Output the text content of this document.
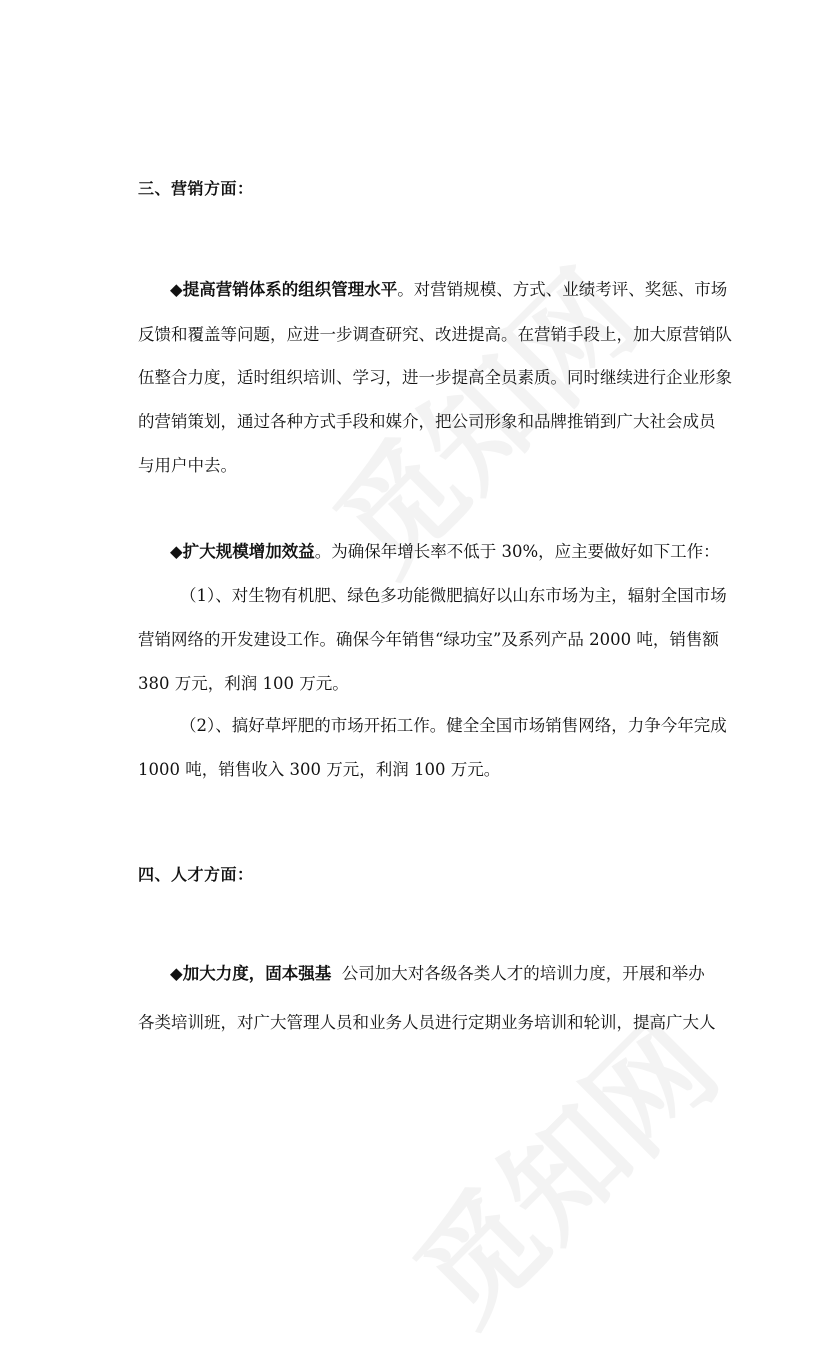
三、营销方面：
◆提高营销体系的组织管理水平。对营销规模、方式、业绩考评、奖惩、市场
反馈和覆盖等问题，应进一步调查研究、改进提高。在营销手段上，加大原营销队
伍整合力度，适时组织培训、学习，进一步提高全员素质。同时继续进行企业形象
的营销策划，通过各种方式手段和媒介，把公司形象和品牌推销到广大社会成员
与用户中去。
◆扩大规模增加效益。为确保年增长率不低于 30%，应主要做好如下工作：
（1）、对生物有机肥、绿色多功能微肥搞好以山东市场为主，辐射全国市场
营销网络的开发建设工作。确保今年销售“绿功宝”及系列产品 2000 吨，销售额
380 万元，利润 100 万元。
（2）、搞好草坪肥的市场开拓工作。健全全国市场销售网络，力争今年完成
1000 吨，销售收入 300 万元，利润 100 万元。
四、人才方面：
◆加大力度，固本强基  公司加大对各级各类人才的培训力度，开展和举办
各类培训班，对广大管理人员和业务人员进行定期业务培训和轮训，提高广大人
